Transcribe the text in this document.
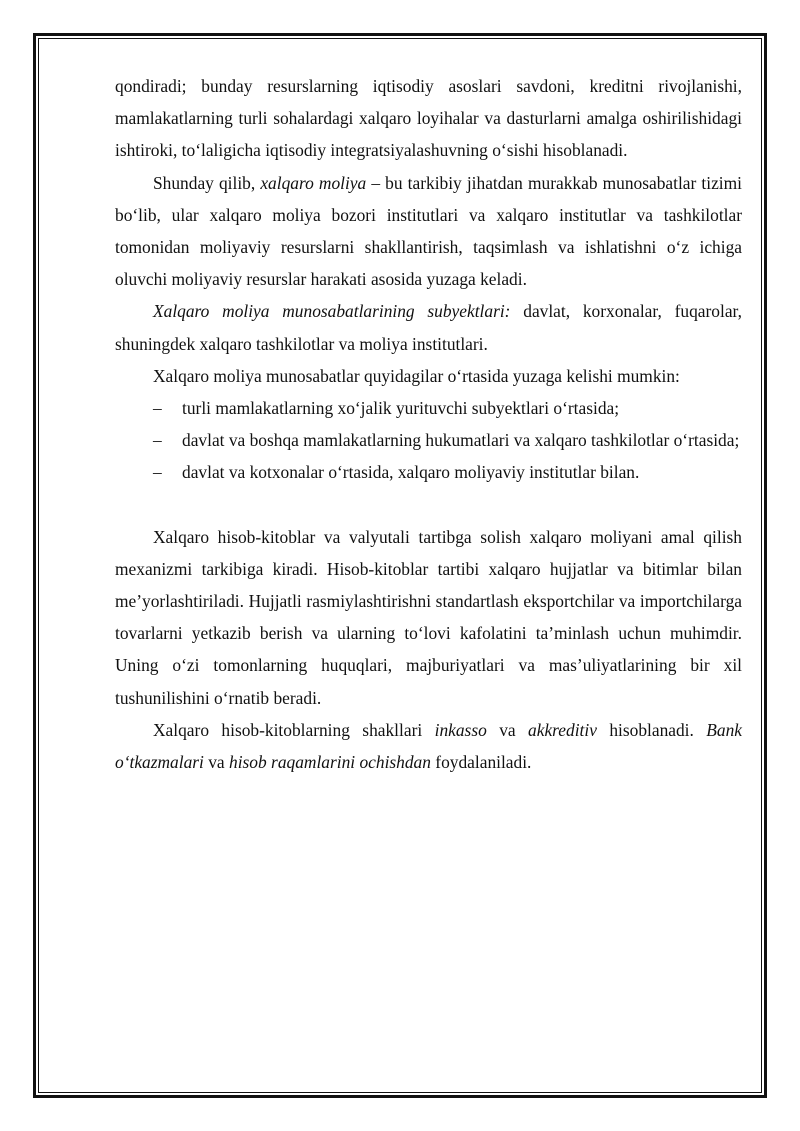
qondiradi; bunday resurslarning iqtisodiy asoslari savdoni, kreditni rivojlanishi, mamlakatlarning turli sohalardagi xalqaro loyihalar va dasturlarni amalga oshirilishidagi ishtiroki, to‘laligicha iqtisodiy integratsiyalashuvning o‘sishi hisoblanadi.

Shunday qilib, xalqaro moliya – bu tarkibiy jihatdan murakkab munosabatlar tizimi bo‘lib, ular xalqaro moliya bozori institutlari va xalqaro institutlar va tashkilotlar tomonidan moliyaviy resurslarni shakllantirish, taqsimlash va ishlatishni o‘z ichiga oluvchi moliyaviy resurslar harakati asosida yuzaga keladi.

Xalqaro moliya munosabatlarining subyektlari: davlat, korxonalar, fuqarolar, shuningdek xalqaro tashkilotlar va moliya institutlari.

Xalqaro moliya munosabatlar quyidagilar o‘rtasida yuzaga kelishi mumkin:

– turli mamlakatlarning xo‘jalik yurituvchi subyektlari o‘rtasida;

– davlat va boshqa mamlakatlarning hukumatlari va xalqaro tashkilotlar o‘rtasida;

– davlat va kotxonalar o‘rtasida, xalqaro moliyaviy institutlar bilan.

Xalqaro hisob-kitoblar va valyutali tartibga solish xalqaro moliyani amal qilish mexanizmi tarkibiga kiradi. Hisob-kitoblar tartibi xalqaro hujjatlar va bitimlar bilan me’yorlashtiriladi. Hujjatli rasmiylashtirishni standartlash eksportchilar va importchilarga tovarlarni yetkazib berish va ularning to‘lovi kafolatini ta’minlash uchun muhimdir. Uning o‘zi tomonlarning huquqlari, majburiyatlari va mas’uliyatlarining bir xil tushunilishini o‘rnatib beradi.

Xalqaro hisob-kitoblarning shakllari inkasso va akkreditiv hisoblanadi. Bank o‘tkazmalari va hisob raqamlarini ochishdan foydalaniladi.
